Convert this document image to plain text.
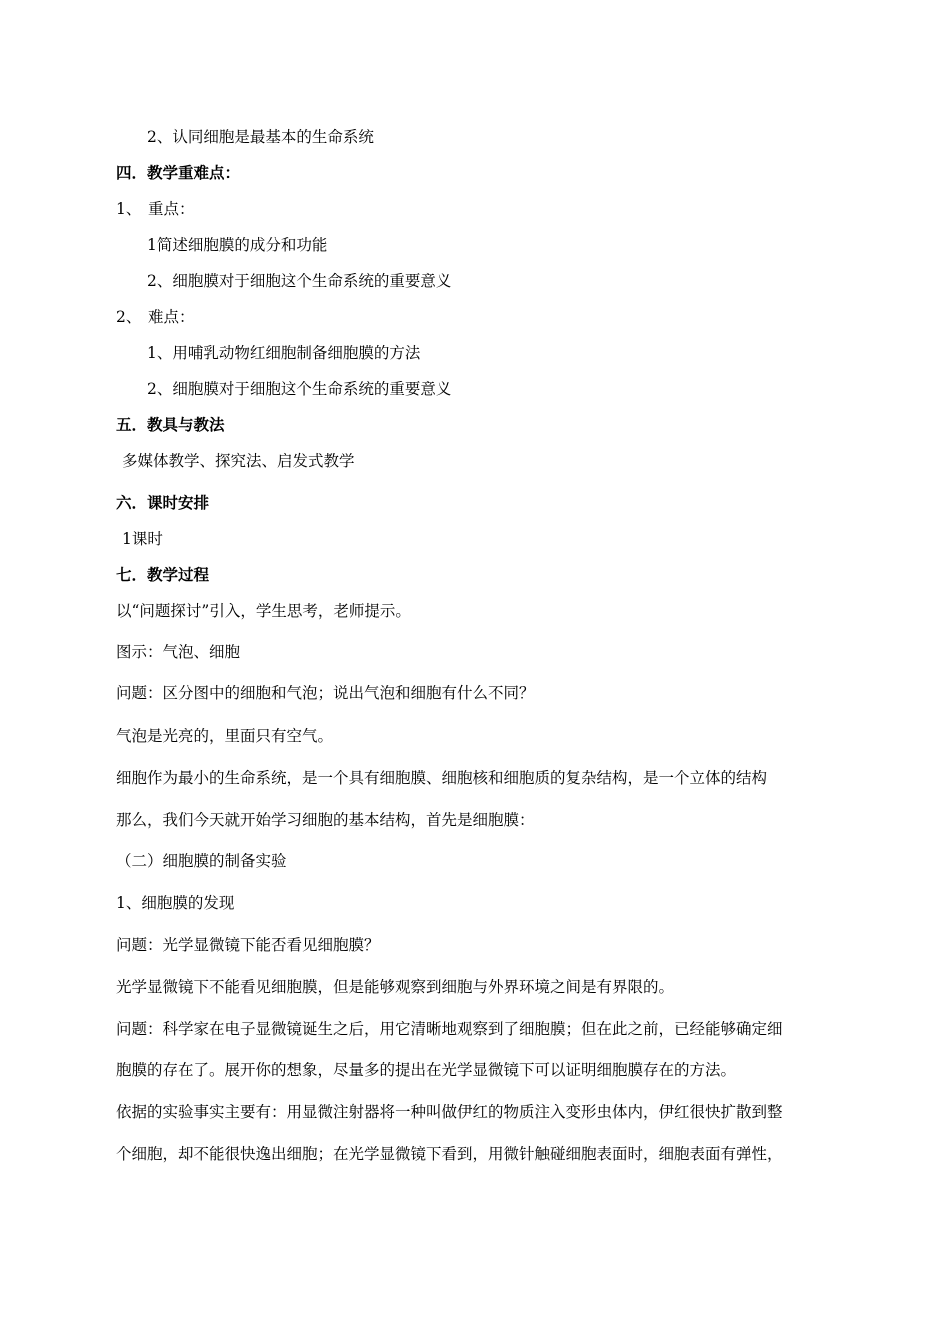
2、认同细胞是最基本的生命系统
四．教学重难点：
1、 重点：
1简述细胞膜的成分和功能
2、细胞膜对于细胞这个生命系统的重要意义
2、 难点：
1、用哺乳动物红细胞制备细胞膜的方法
2、细胞膜对于细胞这个生命系统的重要意义
五．教具与教法
多媒体教学、探究法、启发式教学
六．课时安排
1课时
七．教学过程
以“问题探讨”引入，学生思考，老师提示。
图示：气泡、细胞
问题：区分图中的细胞和气泡；说出气泡和细胞有什么不同？
气泡是光亮的，里面只有空气。
细胞作为最小的生命系统，是一个具有细胞膜、细胞核和细胞质的复杂结构，是一个立体的结构
那么，我们今天就开始学习细胞的基本结构，首先是细胞膜：
（二）细胞膜的制备实验
1、细胞膜的发现
问题：光学显微镜下能否看见细胞膜？
光学显微镜下不能看见细胞膜，但是能够观察到细胞与外界环境之间是有界限的。
问题：科学家在电子显微镜诞生之后，用它清晰地观察到了细胞膜；但在此之前，已经能够确定细
胞膜的存在了。展开你的想象，尽量多的提出在光学显微镜下可以证明细胞膜存在的方法。
依据的实验事实主要有：用显微注射器将一种叫做伊红的物质注入变形虫体内，伊红很快扩散到整
个细胞，却不能很快逸出细胞；在光学显微镜下看到，用微针触碰细胞表面时，细胞表面有弹性，
